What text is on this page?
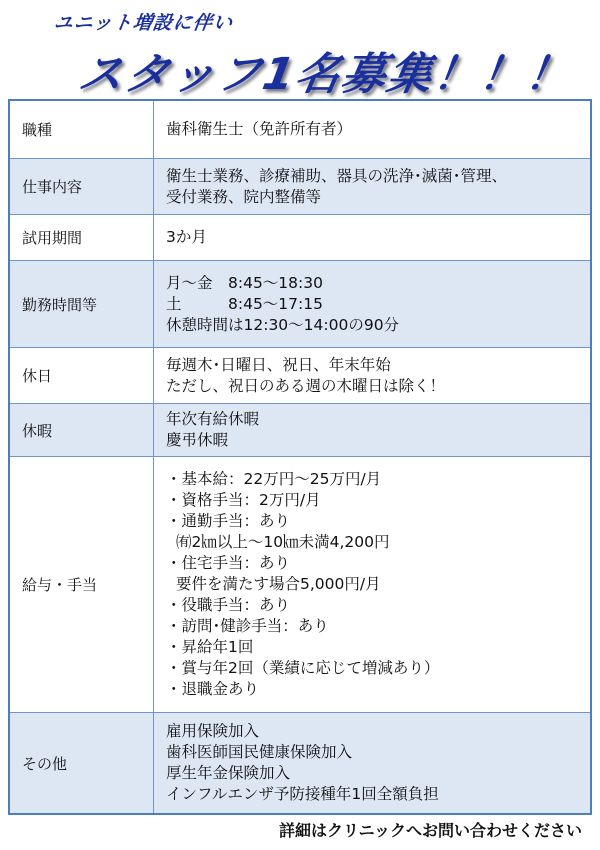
ユニット増設に伴い
スタッフ1名募集！！！
職種	歯科衛生士（免許所有者）
仕事内容
衛生士業務、診療補助、器具の洗浄･滅菌･管理、
受付業務、院内整備等
試用期間	3か月
勤務時間等
月～金　8:45～18:30
土　　　8:45～17:15
休憩時間は12:30～14:00の90分
休日
毎週木･日曜日、祝日、年末年始
ただし、祝日のある週の木曜日は除く！
休暇
年次有給休暇
慶弔休暇
給与・手当
・基本給：22万円～25万円/月
・資格手当：2万円/月
・通勤手当：あり
㈲2㎞以上～10㎞未満4,200円
・住宅手当：あり
要件を満たす場合5,000円/月
・役職手当：あり
・訪問･健診手当：あり
・昇給年1回
・賞与年2回（業績に応じて増減あり）
・退職金あり
その他
雇用保険加入
歯科医師国民健康保険加入
厚生年金保険加入
インフルエンザ予防接種年1回全額負担
詳細はクリニックへお問い合わせください
